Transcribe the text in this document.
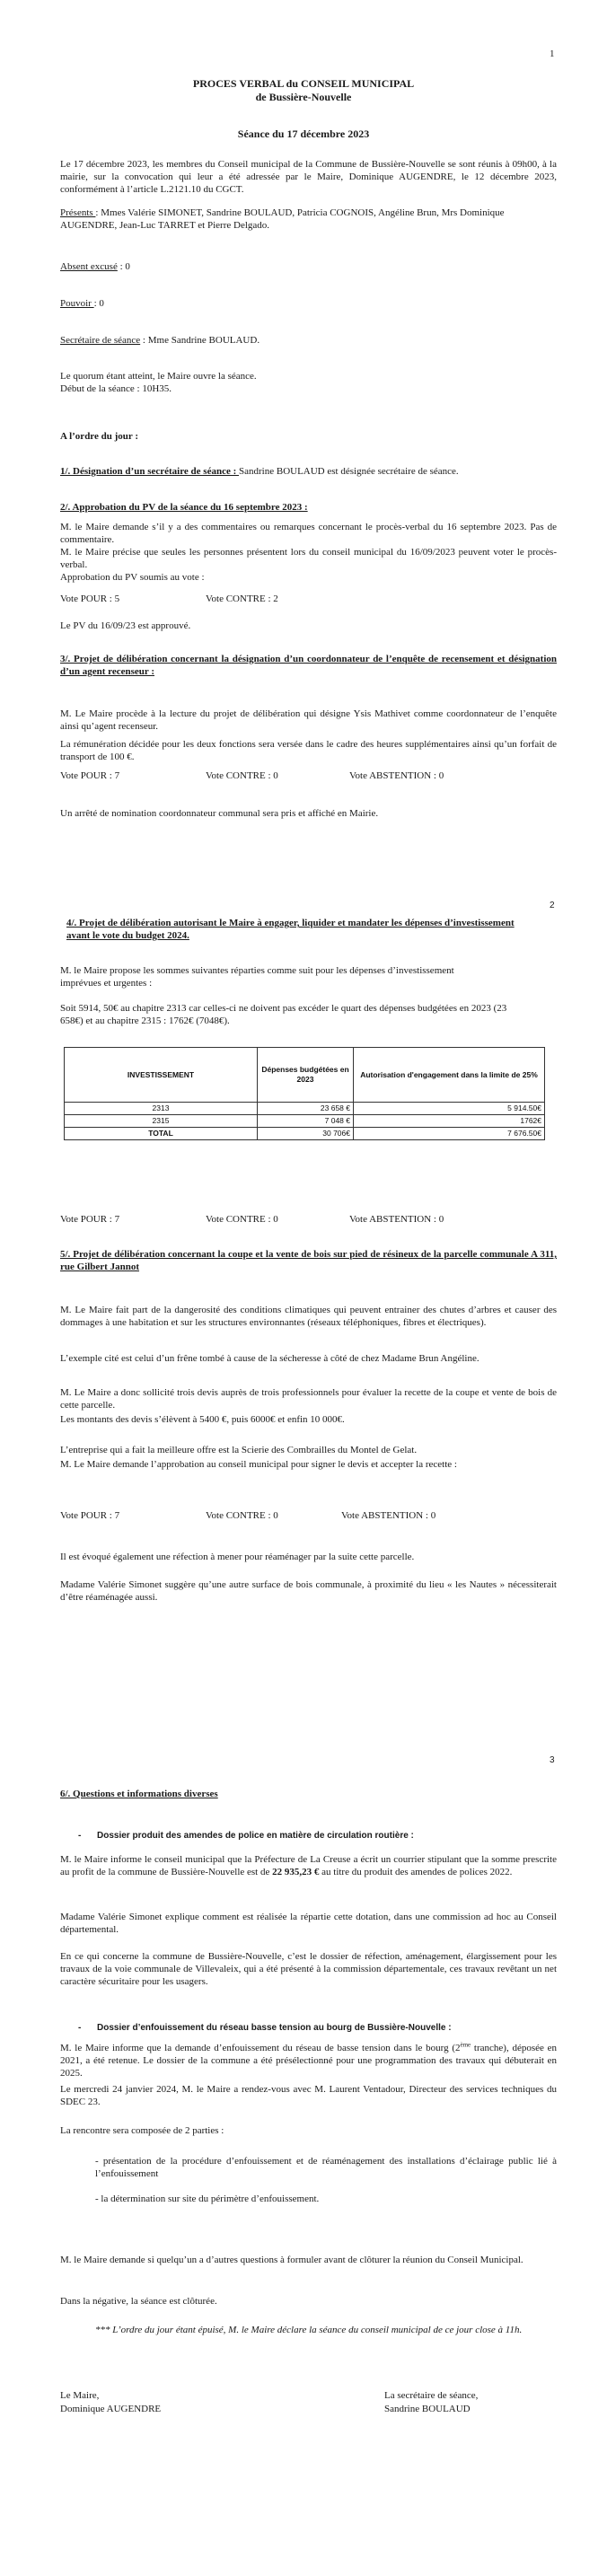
1
PROCES VERBAL du CONSEIL MUNICIPAL
de Bussière-Nouvelle
Séance du 17 décembre 2023
Le 17 décembre 2023, les membres du Conseil municipal de la Commune de Bussière-Nouvelle se sont réunis à 09h00, à la mairie, sur la convocation qui leur a été adressée par le Maire, Dominique AUGENDRE, le 12 décembre 2023, conformément à l’article L.2121.10 du CGCT.
Présents : Mmes Valérie SIMONET, Sandrine BOULAUD, Patricia COGNOIS, Angéline Brun, Mrs Dominique AUGENDRE, Jean-Luc TARRET et Pierre Delgado.
Absent excusé : 0
Pouvoir : 0
Secrétaire de séance : Mme Sandrine BOULAUD.
Le quorum étant atteint, le Maire ouvre la séance.
Début de la séance : 10H35.
A l’ordre du jour :
1/. Désignation d’un secrétaire de séance : Sandrine BOULAUD est désignée secrétaire de séance.
2/. Approbation du PV de la séance du 16 septembre 2023 :
M. le Maire demande s’il y a des commentaires ou remarques concernant le procès-verbal du 16 septembre 2023. Pas de commentaire.
M. le Maire précise que seules les personnes présentent lors du conseil municipal du 16/09/2023 peuvent voter le procès-verbal.
Approbation du PV soumis au vote :
Vote POUR : 5	Vote CONTRE : 2
Le PV du 16/09/23 est approuvé.
3/. Projet de délibération concernant la désignation d’un coordonnateur de l’enquête de recensement et désignation d’un agent recenseur :
M. Le Maire procède à la lecture du projet de délibération qui désigne Ysis Mathivet comme coordonnateur de l’enquête ainsi qu’agent recenseur.
La rémunération décidée pour les deux fonctions sera versée dans le cadre des heures supplémentaires ainsi qu’un forfait de transport de 100 €.
Vote POUR : 7	Vote CONTRE : 0	Vote ABSTENTION : 0
Un arrêté de nomination coordonnateur communal sera pris et affiché en Mairie.
2
4/. Projet de délibération autorisant le Maire à engager, liquider et mandater les dépenses d’investissement avant le vote du budget 2024.
M. le Maire propose les sommes suivantes réparties comme suit pour les dépenses d’investissement imprévues et urgentes :
Soit 5914, 50€ au chapitre 2313 car celles-ci ne doivent pas excéder le quart des dépenses budgétées en 2023 (23 658€) et au chapitre 2315 : 1762€ (7048€).
INVESTISSEMENT	Dépenses budgétées en 2023	Autorisation d'engagement dans la limite de 25%
2313	23 658 €	5 914.50€
2315	7 048 €	1762€
TOTAL	30 706€	7 676.50€
Vote POUR : 7	Vote CONTRE : 0	Vote ABSTENTION : 0
5/. Projet de délibération concernant la coupe et la vente de bois sur pied de résineux de la parcelle communale A 311, rue Gilbert Jannot
M. Le Maire fait part de la dangerosité des conditions climatiques qui peuvent entrainer des chutes d’arbres et causer des dommages à une habitation et sur les structures environnantes (réseaux téléphoniques, fibres et électriques).
L’exemple cité est celui d’un frêne tombé à cause de la sécheresse à côté de chez Madame Brun Angéline.
M. Le Maire a donc sollicité trois devis auprès de trois professionnels pour évaluer la recette de la coupe et vente de bois de cette parcelle.
Les montants des devis s’élèvent à 5400 €, puis 6000€ et enfin 10 000€.
L’entreprise qui a fait la meilleure offre est la Scierie des Combrailles du Montel de Gelat.
M. Le Maire demande l’approbation au conseil municipal pour signer le devis et accepter la recette :
Vote POUR : 7	Vote CONTRE : 0	Vote ABSTENTION : 0
Il est évoqué également une réfection à mener pour réaménager par la suite cette parcelle.
Madame Valérie Simonet suggère qu’une autre surface de bois communale, à proximité du lieu « les Nautes » nécessiterait d’être réaménagée aussi.
3
6/. Questions et informations diverses
- Dossier produit des amendes de police en matière de circulation routière :
M. le Maire informe le conseil municipal que la Préfecture de La Creuse a écrit un courrier stipulant que la somme prescrite au profit de la commune de Bussière-Nouvelle est de 22 935,23 € au titre du produit des amendes de polices 2022.
Madame Valérie Simonet explique comment est réalisée la répartie cette dotation, dans une commission ad hoc au Conseil départemental.
En ce qui concerne la commune de Bussière-Nouvelle, c’est le dossier de réfection, aménagement, élargissement pour les travaux de la voie communale de Villevaleix, qui a été présenté à la commission départementale, ces travaux revêtant un net caractère sécuritaire pour les usagers.
- Dossier d’enfouissement du réseau basse tension au bourg de Bussière-Nouvelle :
M. le Maire informe que la demande d’enfouissement du réseau de basse tension dans le bourg (2ème tranche), déposée en 2021, a été retenue. Le dossier de la commune a été présélectionné pour une programmation des travaux qui débuterait en 2025.
Le mercredi 24 janvier 2024, M. le Maire a rendez-vous avec M. Laurent Ventadour, Directeur des services techniques du SDEC 23.
La rencontre sera composée de 2 parties :
- présentation de la procédure d’enfouissement et de réaménagement des installations d’éclairage public lié à l’enfouissement
- la détermination sur site du périmètre d’enfouissement.
M. le Maire demande si quelqu’un a d’autres questions à formuler avant de clôturer la réunion du Conseil Municipal.
Dans la négative, la séance est clôturée.
*** L’ordre du jour étant épuisé, M. le Maire déclare la séance du conseil municipal de ce jour close à 11h.
Le Maire,
Dominique AUGENDRE
La secrétaire de séance,
Sandrine BOULAUD
